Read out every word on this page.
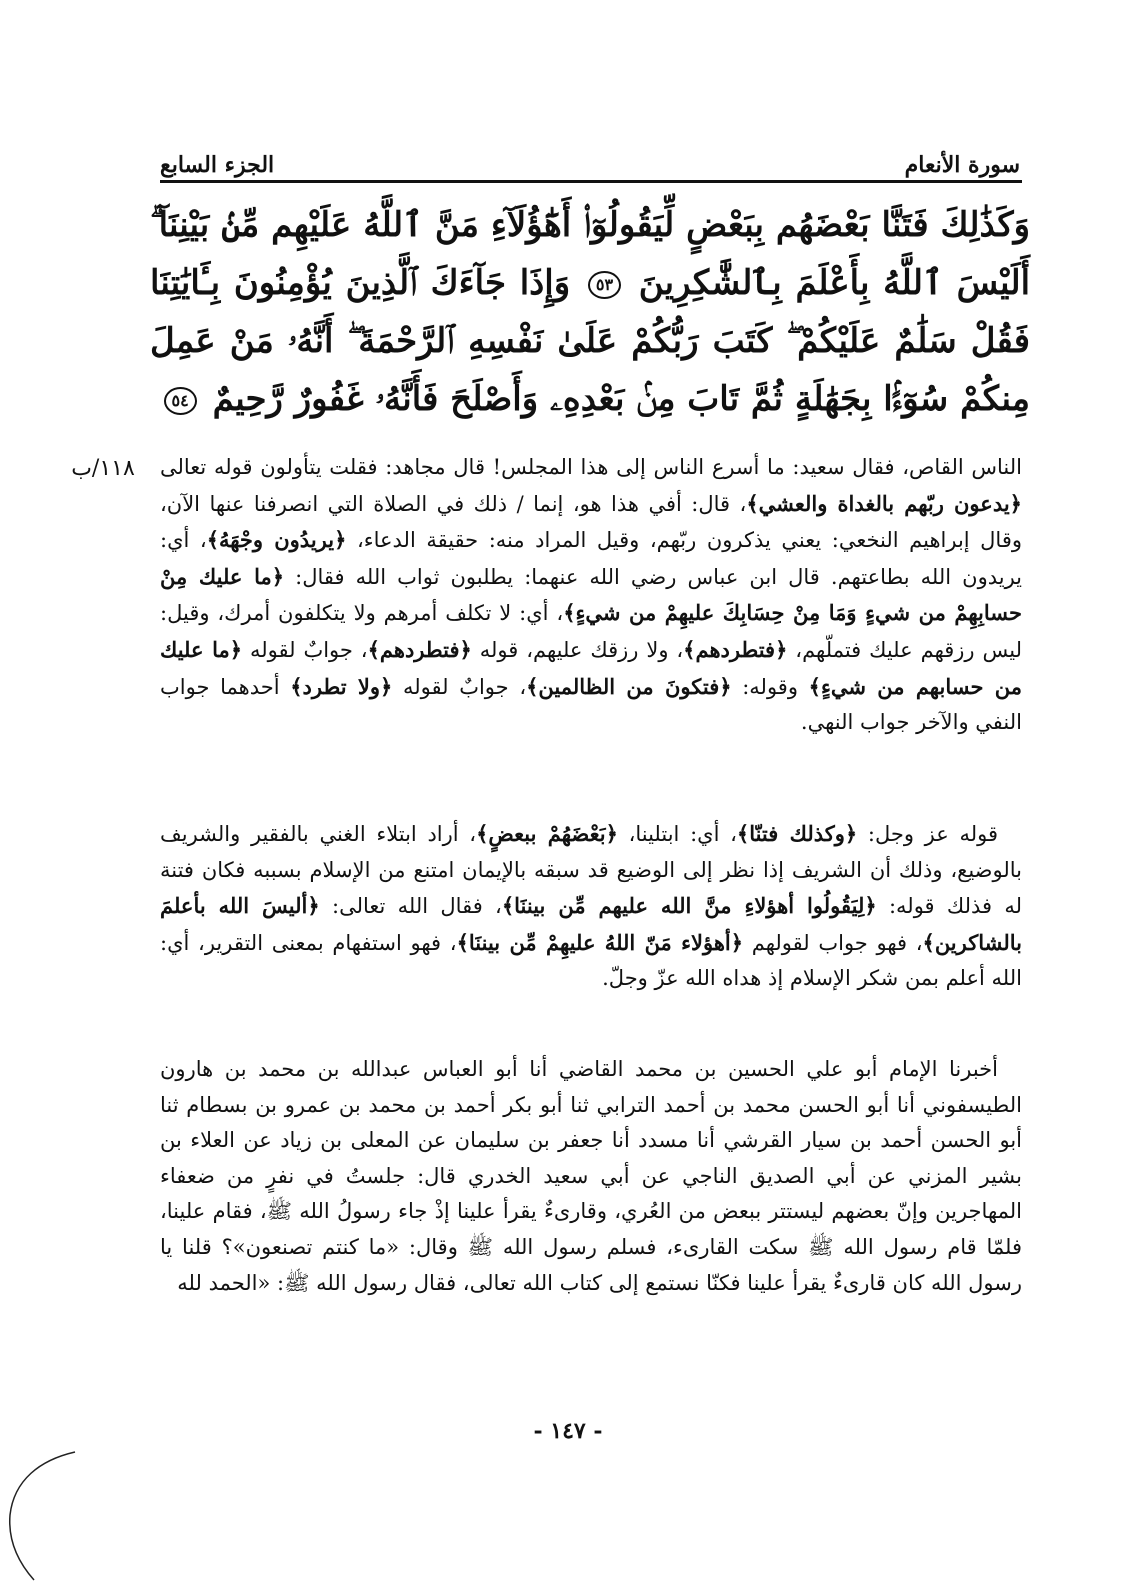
سورة الأنعام
الجزء السابع
وَكَذَٰلِكَ فَتَنَّا بَعْضَهُم بِبَعْضٍ لِّيَقُولُوٓا۟ أَهَٰٓؤُلَآءِ مَنَّ ٱللَّهُ عَلَيْهِم مِّنۢ بَيْنِنَآ ۗ أَلَيْسَ ٱللَّهُ بِأَعْلَمَ بِٱلشَّٰكِرِينَ ٥٣ وَإِذَا جَآءَكَ ٱلَّذِينَ يُؤْمِنُونَ بِـَٔايَٰتِنَا فَقُلْ سَلَٰمٌ عَلَيْكُمْ ۖ كَتَبَ رَبُّكُمْ عَلَىٰ نَفْسِهِ ٱلرَّحْمَةَ ۖ أَنَّهُۥ مَنْ عَمِلَ مِنكُمْ سُوٓءًۢا بِجَهَٰلَةٍ ثُمَّ تَابَ مِنۢ بَعْدِهِۦ وَأَصْلَحَ فَأَنَّهُۥ غَفُورٌ رَّحِيمٌ ٥٤
١١٨/ب	الناس القاص، فقال سعيد: ما أسرع الناس إلى هذا المجلس! قال مجاهد: فقلت يتأولون قوله تعالى ﴿يدعون ربّهم بالغداة والعشي﴾، قال: أفي هذا هو، إنما / ذلك في الصلاة التي انصرفنا عنها الآن، وقال إبراهيم النخعي: يعني يذكرون ربّهم، وقيل المراد منه: حقيقة الدعاء، ﴿يريدُون وجْهَهُ﴾، أي: يريدون الله بطاعتهم. قال ابن عباس رضي الله عنهما: يطلبون ثواب الله فقال: ﴿ما عليك مِنْ حسابِهِمْ من شيءٍ وَمَا مِنْ حِسَابِكَ عليهِمْ من شيءٍ﴾، أي: لا تكلف أمرهم ولا يتكلفون أمرك، وقيل: ليس رزقهم عليك فتملّهم، ﴿فتطردهم﴾، ولا رزقك عليهم، قوله ﴿فتطردهم﴾، جوابٌ لقوله ﴿ما عليك من حسابهم من شيءٍ﴾ وقوله: ﴿فتكونَ من الظالمين﴾، جوابٌ لقوله ﴿ولا تطرد﴾ أحدهما جواب النفي والآخر جواب النهي.
قوله عز وجل: ﴿وكذلك فتنّا﴾، أي: ابتلينا، ﴿بَعْضَهُمْ ببعضٍ﴾، أراد ابتلاء الغني بالفقير والشريف بالوضيع، وذلك أن الشريف إذا نظر إلى الوضيع قد سبقه بالإيمان امتنع من الإسلام بسببه فكان فتنة له فذلك قوله: ﴿لِيَقُولُوا أهؤلاءِ منَّ الله عليهم مِّن بيننَا﴾، فقال الله تعالى: ﴿أليسَ الله بأعلمَ بالشاكرين﴾، فهو جواب لقولهم ﴿أهؤلاء مَنّ اللهُ عليهِمْ مِّن بيننَا﴾، فهو استفهام بمعنى التقرير، أي: الله أعلم بمن شكر الإسلام إذ هداه الله عزّ وجلّ.
أخبرنا الإمام أبو علي الحسين بن محمد القاضي أنا أبو العباس عبدالله بن محمد بن هارون الطيسفوني أنا أبو الحسن محمد بن أحمد الترابي ثنا أبو بكر أحمد بن محمد بن عمرو بن بسطام ثنا أبو الحسن أحمد بن سيار القرشي أنا مسدد أنا جعفر بن سليمان عن المعلى بن زياد عن العلاء بن بشير المزني عن أبي الصديق الناجي عن أبي سعيد الخدري قال: جلستُ في نفرٍ من ضعفاء المهاجرين وإنّ بعضهم ليستتر ببعض من العُري، وقارىءٌ يقرأ علينا إذْ جاء رسولُ الله ﷺ، فقام علينا، فلمّا قام رسول الله ﷺ سكت القارىء، فسلم رسول الله ﷺ وقال: «ما كنتم تصنعون»؟ قلنا يا رسول الله كان قارىءٌ يقرأ علينا فكنّا نستمع إلى كتاب الله تعالى، فقال رسول الله ﷺ: «الحمد لله
- ١٤٧ -
